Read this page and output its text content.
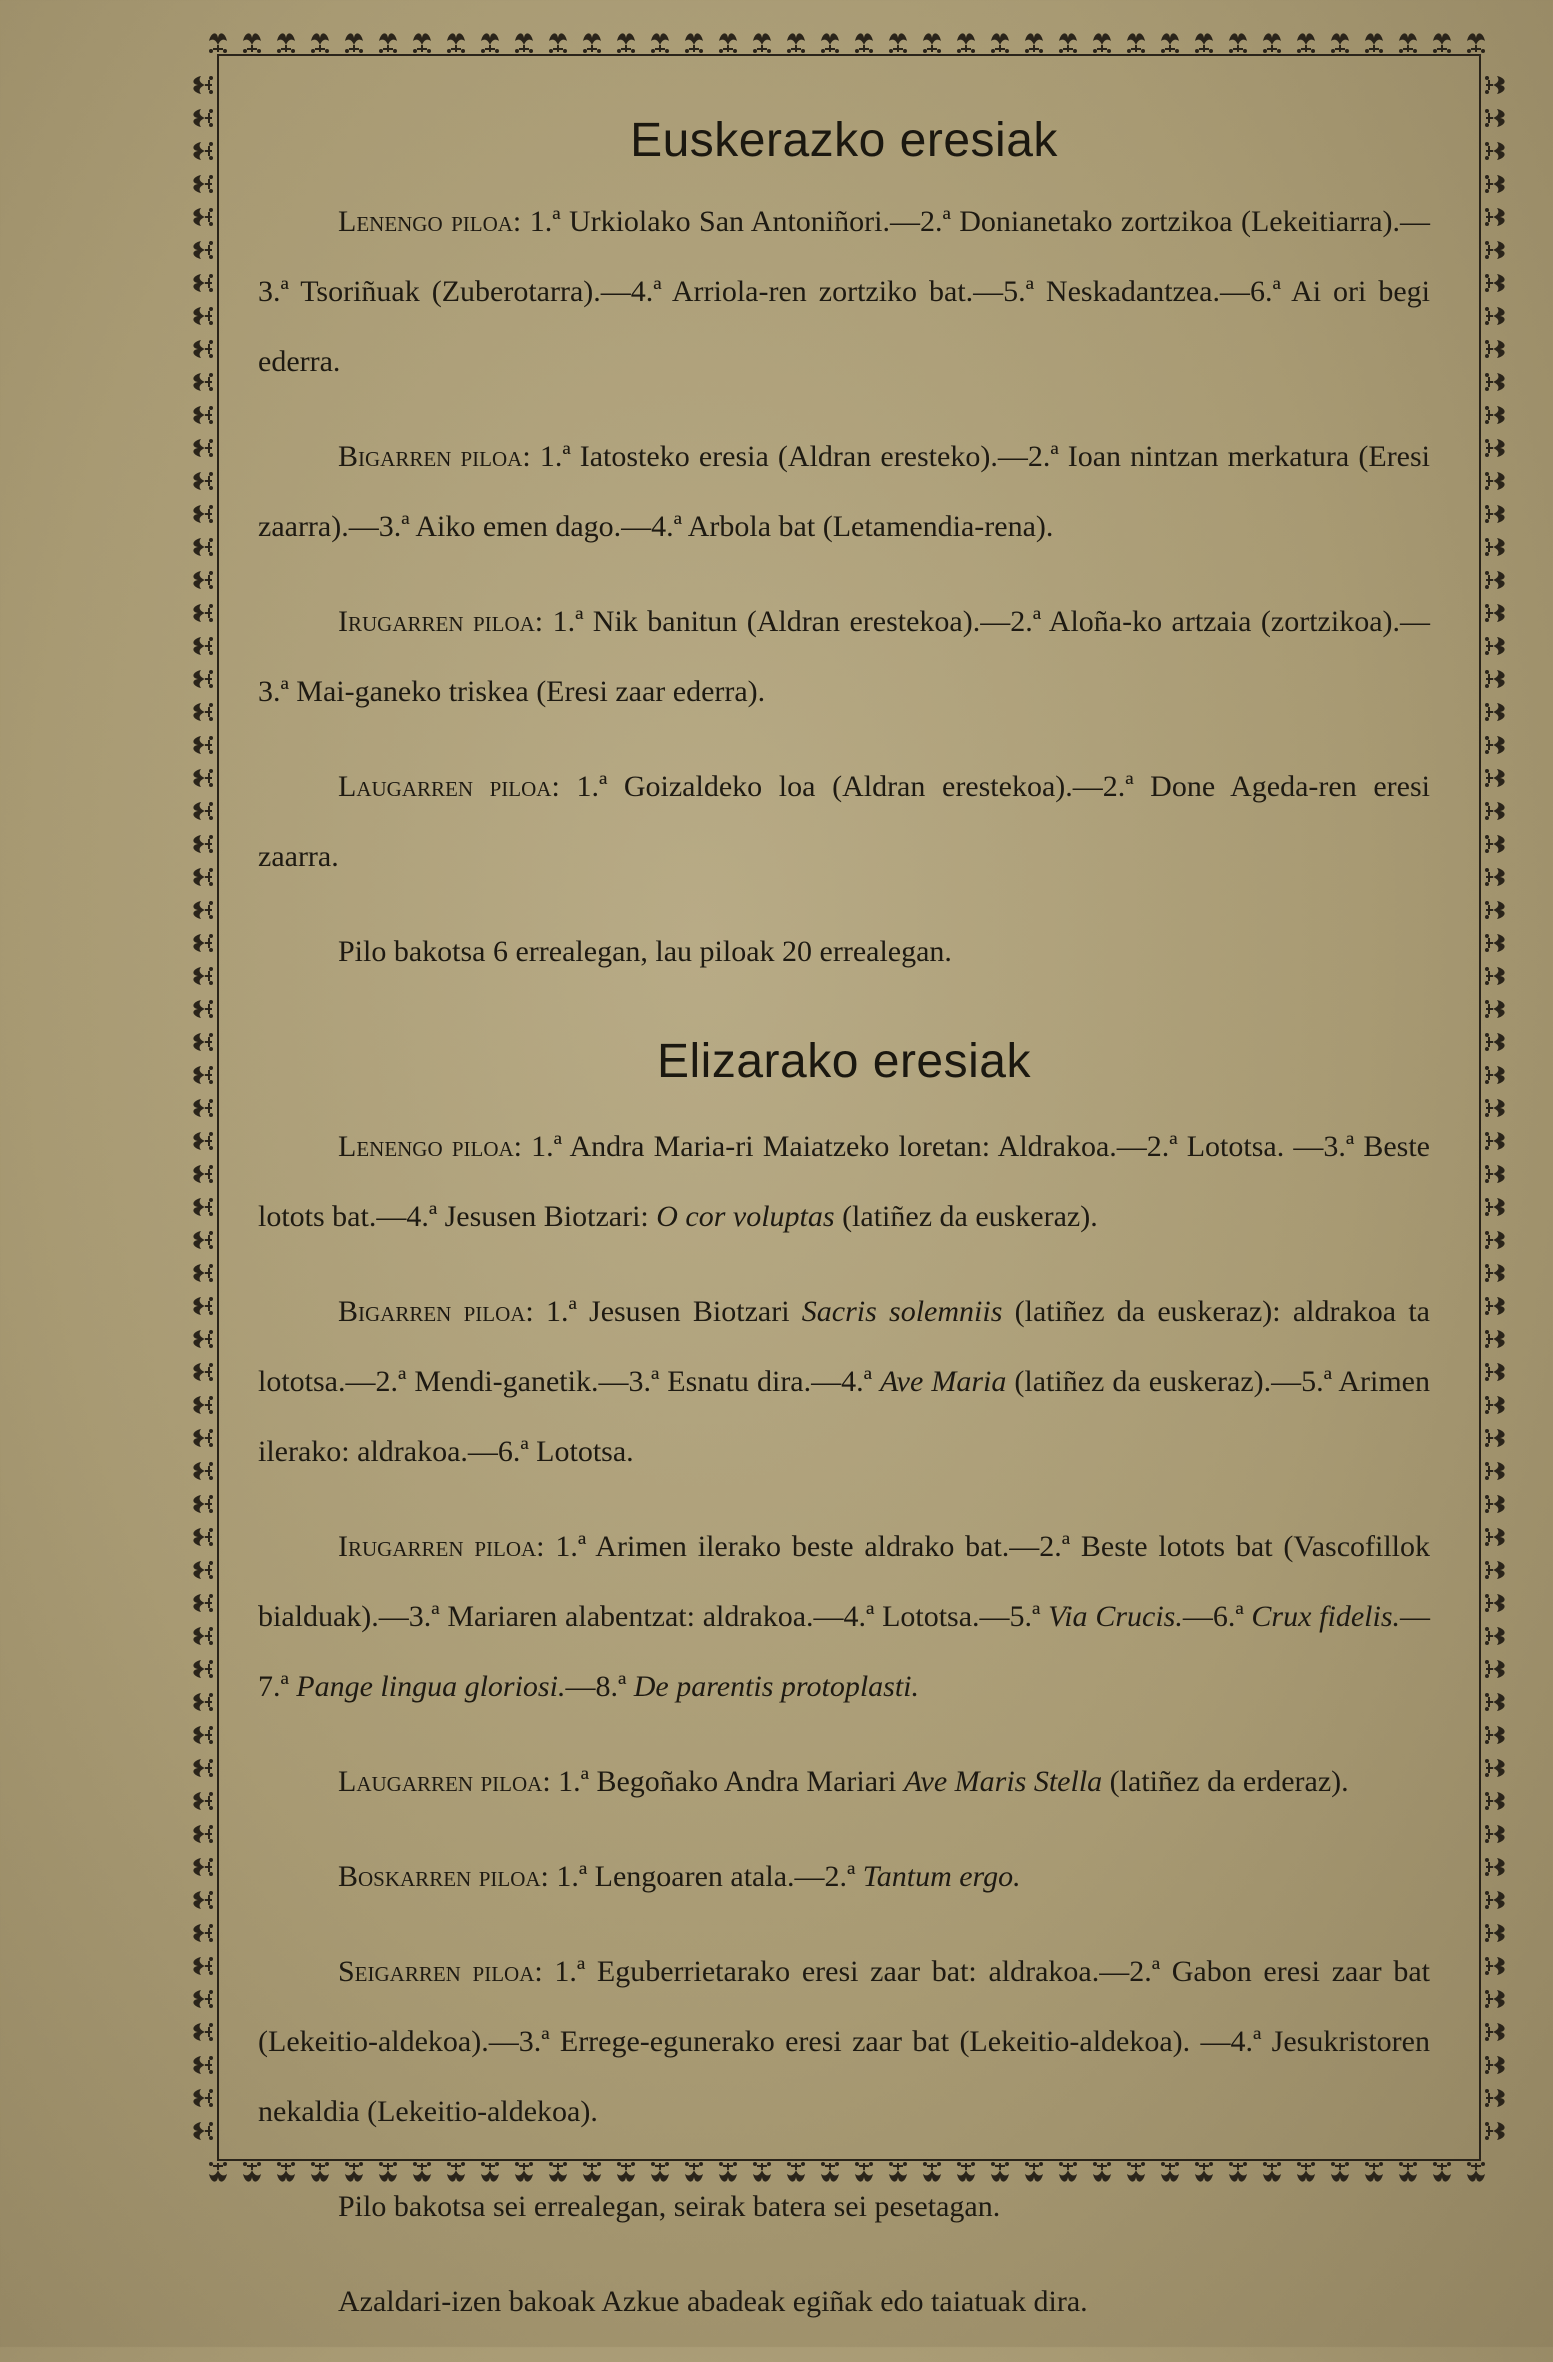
Euskerazko eresiak

Lenengo piloa: 1.ª Urkiolako San Antoniñori.—2.ª Donianetako zortzikoa (Lekeitiarra).—3.ª Tsoriñuak (Zuberotarra).—4.ª Arriola-ren zortziko bat.—5.ª Neskadantzea.—6.ª Ai ori begi ederra.

Bigarren piloa: 1.ª Iatosteko eresia (Aldran eresteko).—2.ª Ioan nintzan merkatura (Eresi zaarra).—3.ª Aiko emen dago.—4.ª Arbola bat (Letamendia-rena).

Irugarren piloa: 1.ª Nik banitun (Aldran erestekoa).—2.ª Aloña-ko artzaia (zortzikoa).—3.ª Mai-ganeko triskea (Eresi zaar ederra).

Laugarren piloa: 1.ª Goizaldeko loa (Aldran erestekoa).—2.ª Done Ageda-ren eresi zaarra.

Pilo bakotsa 6 errealegan, lau piloak 20 errealegan.

Elizarako eresiak

Lenengo piloa: 1.ª Andra Maria-ri Maiatzeko loretan: Aldrakoa.—2.ª Lototsa. —3.ª Beste lotots bat.—4.ª Jesusen Biotzari: O cor voluptas (latiñez da euskeraz).

Bigarren piloa: 1.ª Jesusen Biotzari Sacris solemniis (latiñez da euskeraz): aldrakoa ta lototsa.—2.ª Mendi-ganetik.—3.ª Esnatu dira.—4.ª Ave Maria (latiñez da euskeraz).—5.ª Arimen ilerako: aldrakoa.—6.ª Lototsa.

Irugarren piloa: 1.ª Arimen ilerako beste aldrako bat.—2.ª Beste lotots bat (Vascofillok bialduak).—3.ª Mariaren alabentzat: aldrakoa.—4.ª Lototsa.—5.ª Via Crucis.—6.ª Crux fidelis.—7.ª Pange lingua gloriosi.—8.ª De parentis protoplasti.

Laugarren piloa: 1.ª Begoñako Andra Mariari Ave Maris Stella (latiñez da erderaz).

Boskarren piloa: 1.ª Lengoaren atala.—2.ª Tantum ergo.

Seigarren piloa: 1.ª Eguberrietarako eresi zaar bat: aldrakoa.—2.ª Gabon eresi zaar bat (Lekeitio-aldekoa).—3.ª Errege-egunerako eresi zaar bat (Lekeitio-aldekoa). —4.ª Jesukristoren nekaldia (Lekeitio-aldekoa).

Pilo bakotsa sei errealegan, seirak batera sei pesetagan.

Azaldari-izen bakoak Azkue abadeak egiñak edo taiatuak dira.
